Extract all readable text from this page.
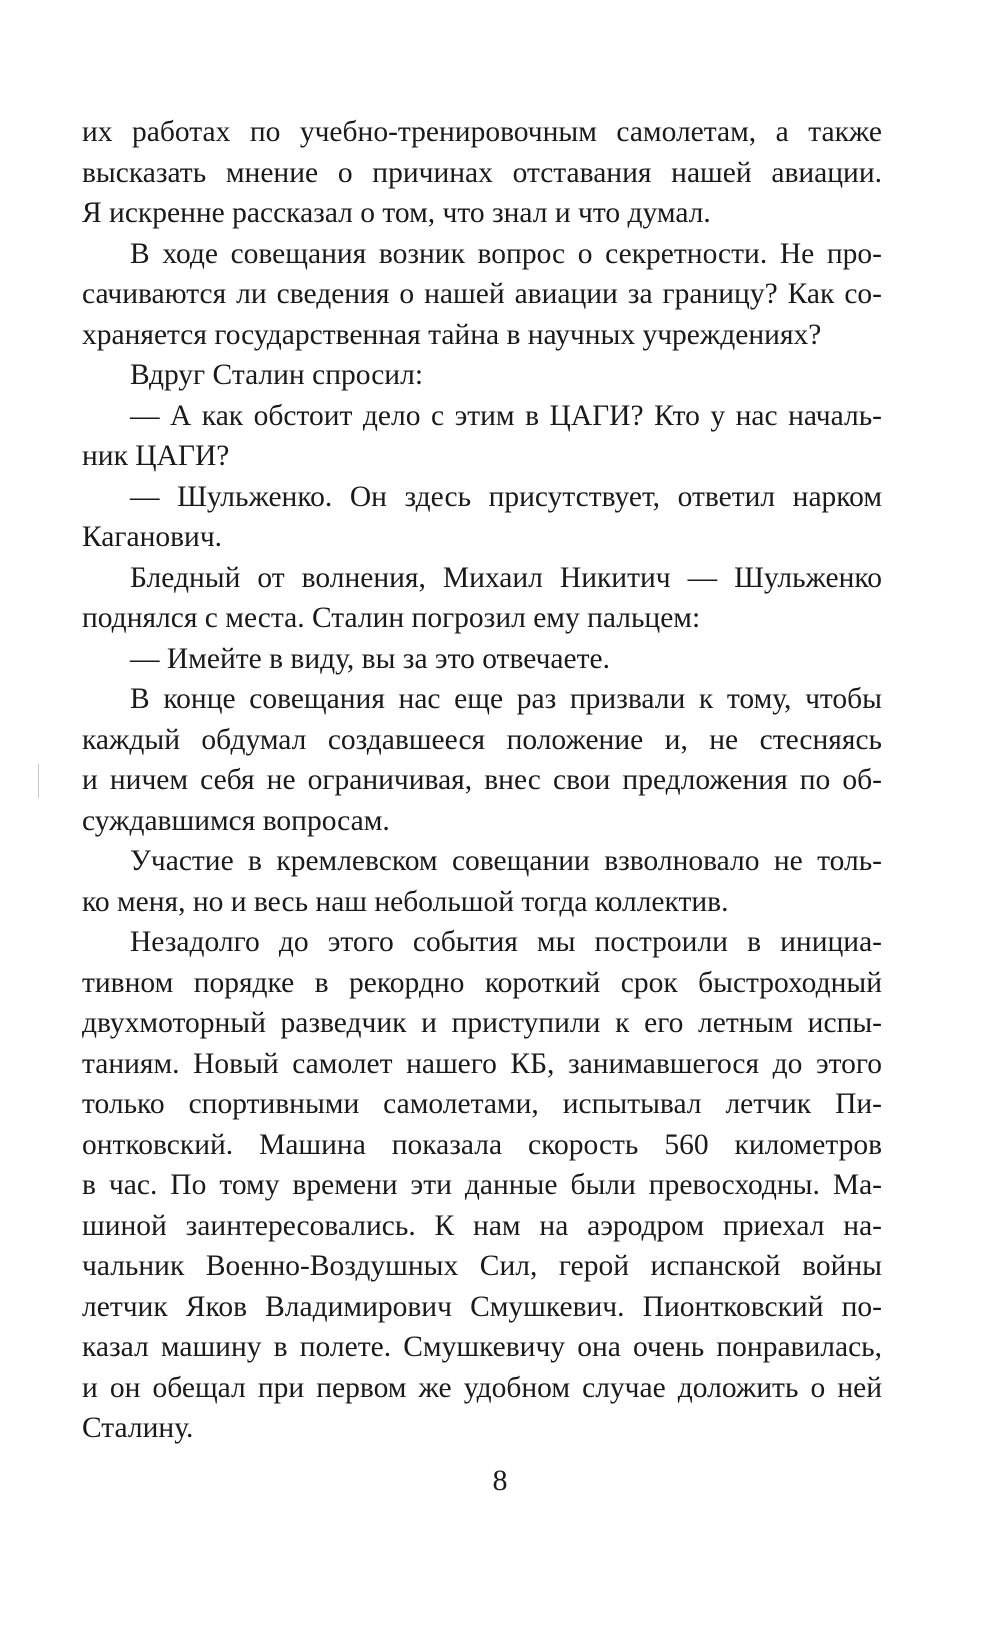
их работах по учебно-тренировочным самолетам, а также
высказать мнение о причинах отставания нашей авиации.
Я искренне рассказал о том, что знал и что думал.
В ходе совещания возник вопрос о секретности. Не про-
сачиваются ли сведения о нашей авиации за границу? Как со-
храняется государственная тайна в научных учреждениях?
Вдруг Сталин спросил:
— А как обстоит дело с этим в ЦАГИ? Кто у нас началь-
ник ЦАГИ?
— Шульженко. Он здесь присутствует, ответил нарком
Каганович.
Бледный от волнения, Михаил Никитич — Шульженко
поднялся с места. Сталин погрозил ему пальцем:
— Имейте в виду, вы за это отвечаете.
В конце совещания нас еще раз призвали к тому, чтобы
каждый обдумал создавшееся положение и, не стесняясь
и ничем себя не ограничивая, внес свои предложения по об-
суждавшимся вопросам.
Участие в кремлевском совещании взволновало не толь-
ко меня, но и весь наш небольшой тогда коллектив.
Незадолго до этого события мы построили в инициа-
тивном порядке в рекордно короткий срок быстроходный
двухмоторный разведчик и приступили к его летным испы-
таниям. Новый самолет нашего КБ, занимавшегося до этого
только спортивными самолетами, испытывал летчик Пи-
онтковский. Машина показала скорость 560 километров
в час. По тому времени эти данные были превосходны. Ма-
шиной заинтересовались. К нам на аэродром приехал на-
чальник Военно-Воздушных Сил, герой испанской войны
летчик Яков Владимирович Смушкевич. Пионтковский по-
казал машину в полете. Смушкевичу она очень понравилась,
и он обещал при первом же удобном случае доложить о ней
Сталину.
8
